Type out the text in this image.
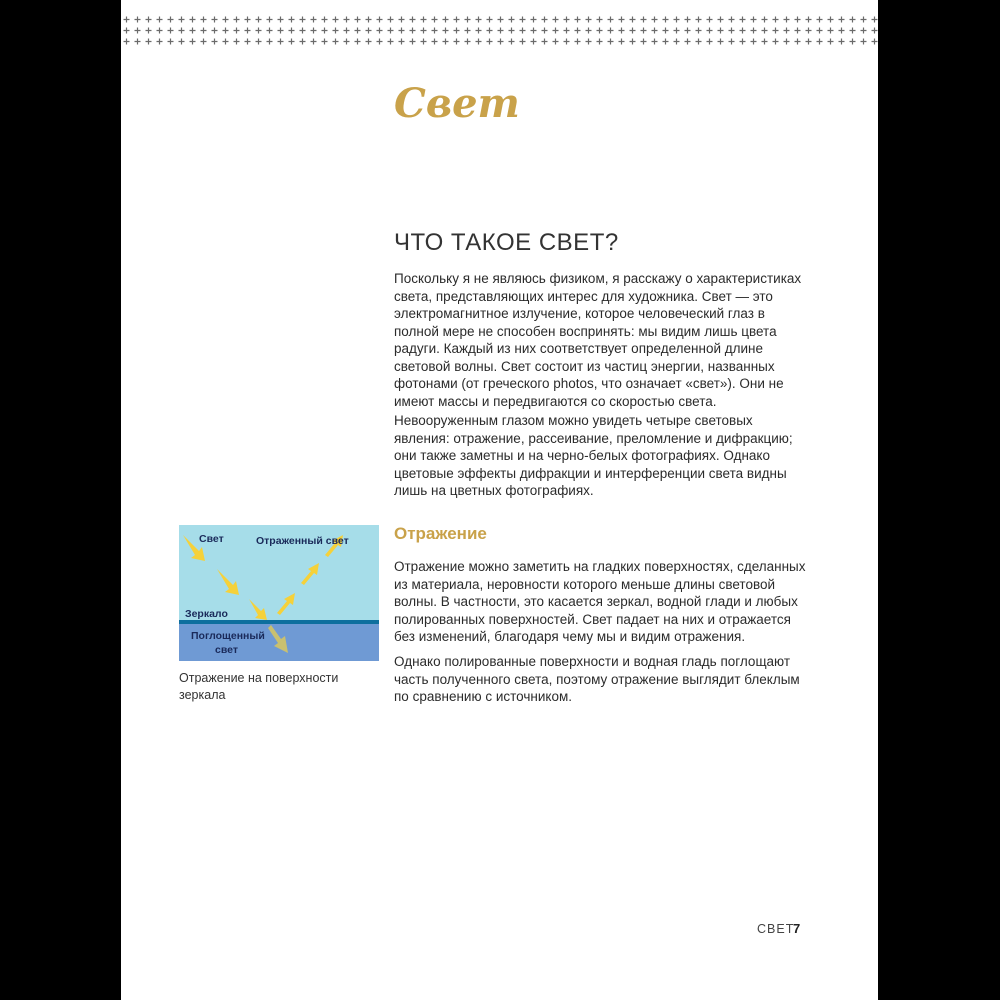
Свет
ЧТО ТАКОЕ СВЕТ?

Поскольку я не являюсь физиком, я расскажу о характеристиках света, представляющих интерес для художника. Свет — это электромагнитное излучение, которое человеческий глаз в полной мере не способен воспринять: мы видим лишь цвета радуги. Каждый из них соответствует определенной длине световой волны. Свет состоит из частиц энергии, названных фотонами (от греческого photos, что означает «свет»). Они не имеют массы и передвигаются со скоростью света.

Невооруженным глазом можно увидеть четыре световых явления: отражение, рассеивание, преломление и дифракцию; они также заметны и на черно-белых фотографиях. Однако цветовые эффекты дифракции и интерференции света видны лишь на цветных фотографиях.

Отражение

Отражение можно заметить на гладких поверхностях, сделанных из материала, неровности которого меньше длины световой волны. В частности, это касается зеркал, водной глади и любых полированных поверхностей. Свет падает на них и отражается без изменений, благодаря чему мы и видим отражения.

Однако полированные поверхности и водная гладь поглощают часть полученного света, поэтому отражение выглядит блеклым по сравнению с источником.

Свет	Отраженный свет
Зеркало
Поглощенный
свет

Отражение на поверхности зеркала

СВЕТ
7
